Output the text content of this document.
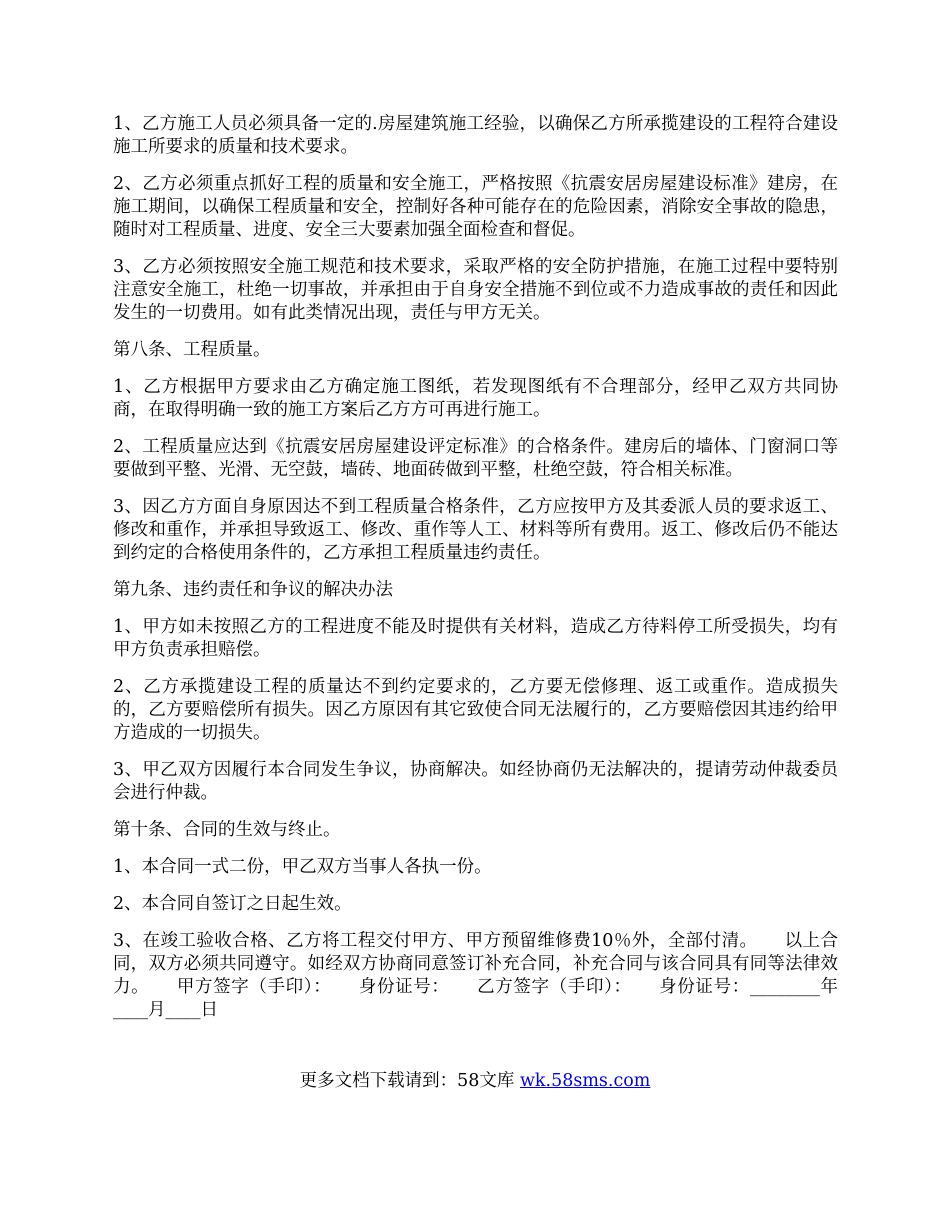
1、乙方施工人员必须具备一定的.房屋建筑施工经验，以确保乙方所承揽建设的工程符合建设施工所要求的质量和技术要求。

2、乙方必须重点抓好工程的质量和安全施工，严格按照《抗震安居房屋建设标准》建房，在施工期间，以确保工程质量和安全，控制好各种可能存在的危险因素，消除安全事故的隐患，随时对工程质量、进度、安全三大要素加强全面检查和督促。

3、乙方必须按照安全施工规范和技术要求，采取严格的安全防护措施，在施工过程中要特别注意安全施工，杜绝一切事故，并承担由于自身安全措施不到位或不力造成事故的责任和因此发生的一切费用。如有此类情况出现，责任与甲方无关。

第八条、工程质量。

1、乙方根据甲方要求由乙方确定施工图纸，若发现图纸有不合理部分，经甲乙双方共同协商，在取得明确一致的施工方案后乙方方可再进行施工。

2、工程质量应达到《抗震安居房屋建设评定标准》的合格条件。建房后的墙体、门窗洞口等要做到平整、光滑、无空鼓，墙砖、地面砖做到平整，杜绝空鼓，符合相关标准。

3、因乙方方面自身原因达不到工程质量合格条件，乙方应按甲方及其委派人员的要求返工、修改和重作，并承担导致返工、修改、重作等人工、材料等所有费用。返工、修改后仍不能达到约定的合格使用条件的，乙方承担工程质量违约责任。

第九条、违约责任和争议的解决办法

1、甲方如未按照乙方的工程进度不能及时提供有关材料，造成乙方待料停工所受损失，均有甲方负责承担赔偿。

2、乙方承揽建设工程的质量达不到约定要求的，乙方要无偿修理、返工或重作。造成损失的，乙方要赔偿所有损失。因乙方原因有其它致使合同无法履行的，乙方要赔偿因其违约给甲方造成的一切损失。

3、甲乙双方因履行本合同发生争议，协商解决。如经协商仍无法解决的，提请劳动仲裁委员会进行仲裁。

第十条、合同的生效与终止。

1、本合同一式二份，甲乙双方当事人各执一份。

2、本合同自签订之日起生效。

3、在竣工验收合格、乙方将工程交付甲方、甲方预留维修费10％外，全部付清。　　以上合同，双方必须共同遵守。如经双方协商同意签订补充合同，补充合同与该合同具有同等法律效力。　　甲方签字（手印）：　　身份证号：　　乙方签字（手印）：　　身份证号：________年____月____日

更多文档下载请到：58文库 wk.58sms.com
